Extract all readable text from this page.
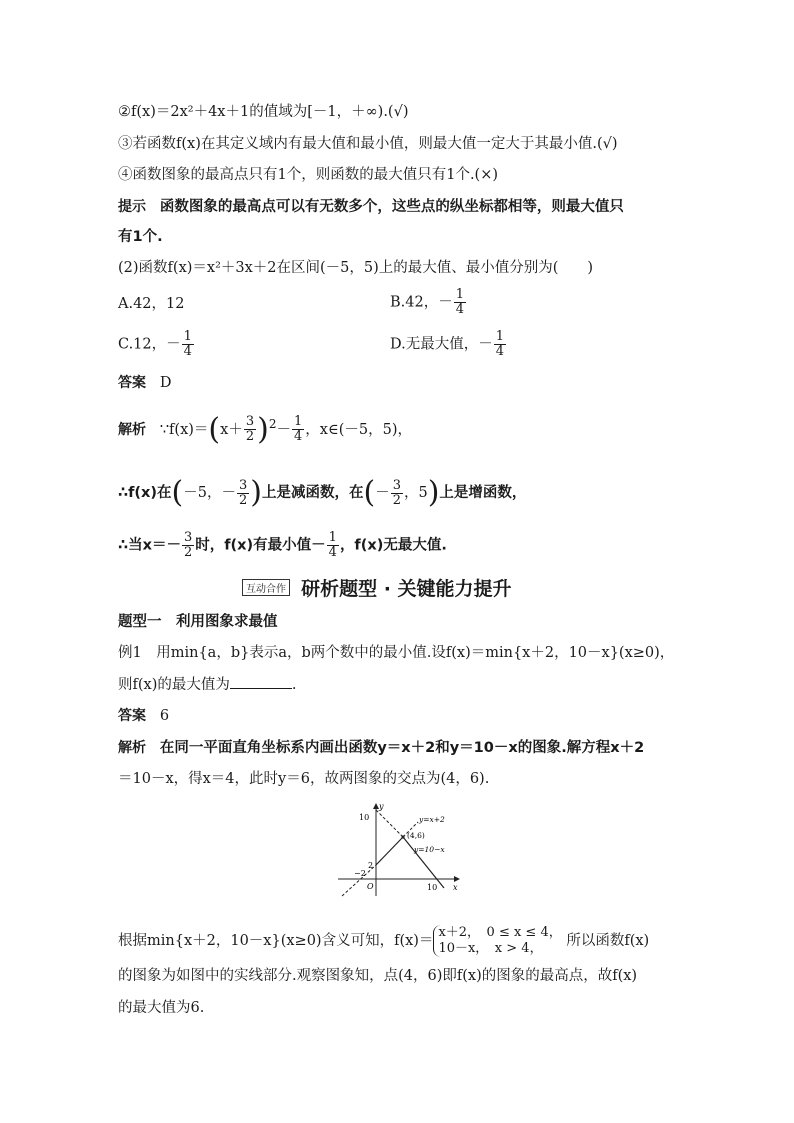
②f(x)＝2x²＋4x＋1的值域为[－1，＋∞).(√)
③若函数f(x)在其定义域内有最大值和最小值，则最大值一定大于其最小值.(√)
④函数图象的最高点只有1个，则函数的最大值只有1个.(×)
提示 函数图象的最高点可以有无数多个，这些点的纵坐标都相等，则最大值只
有1个.
(2)函数f(x)＝x²＋3x＋2在区间(－5，5)上的最大值、最小值分别为(　　)
A.42，12	B.42，－ $\frac{1}{4}$
C.12，－ $\frac{1}{4}$	D.无最大值，－ $\frac{1}{4}$
答案 D
解析 ∵f(x)＝(x＋ $\frac{3}{2} )^2- \frac{1}{4}$ ，x∈(－5，5)，
∴f(x)在(－5，－ $\frac{3}{2}$ )上是减函数，在(－ $\frac{3}{2}$ ，5)上是增函数，
∴当$x=- \frac{3}{2}$ 时，f(x)有最小值－ $\frac{1}{4}$ ，f(x)无最大值.
互动合作 研析题型 · 关键能力提升
题型一　利用图象求最值
例1　用min{a，b}表示a，b两个数中的最小值.设f(x)＝min{x＋2，10－x}(x≥0)，
则f(x)的最大值为	.
答案 6
解析 在同一平面直角坐标系内画出函数y＝x＋2和y＝10－x的图象.解方程x＋2
＝10－x，得x＝4，此时y＝6，故两图象的交点为(4，6).
y
x
O
y=x+2
y=10−x
(4,6)
10
10
2
−2
根据min{x＋2，10－x}(x≥0)含义可知，f(x)＝
x＋2，　0 ≤ x ≤ 4，
10－x，　x > 4，	所以函数f(x)
的图象为如图中的实线部分.观察图象知，点(4，6)即f(x)的图象的最高点，故f(x)
的最大值为6.
